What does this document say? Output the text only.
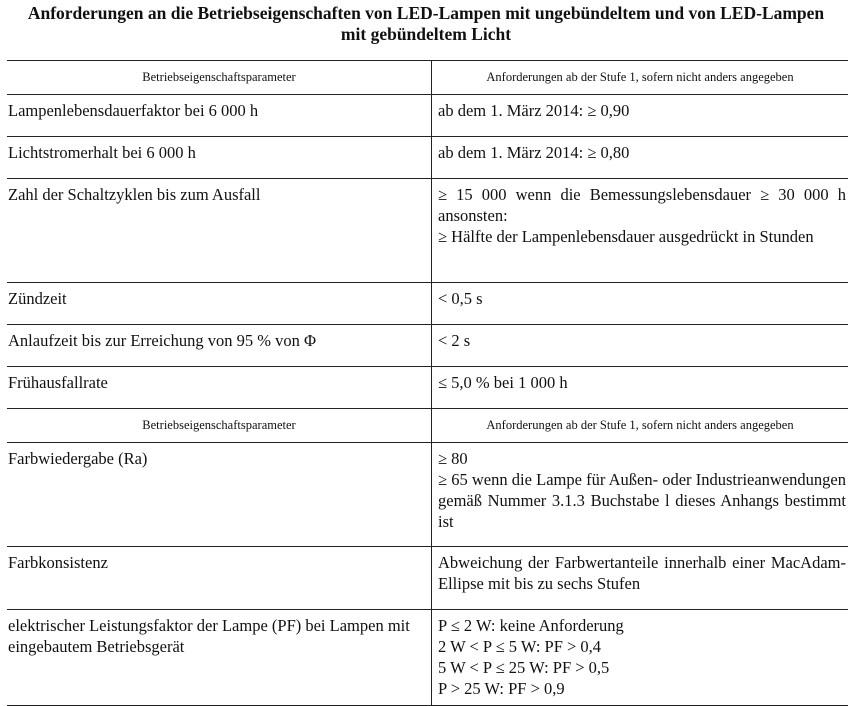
Anforderungen an die Betriebseigenschaften von LED-Lampen mit ungebündeltem und von LED-Lampen
mit gebündeltem Licht
Betriebseigenschaftsparameter	Anforderungen ab der Stufe 1, sofern nicht anders angegeben
Lampenlebensdauerfaktor bei 6 000 h	ab dem 1. März 2014: ≥ 0,90
Lichtstromerhalt bei 6 000 h	ab dem 1. März 2014: ≥ 0,80
Zahl der Schaltzyklen bis zum Ausfall	≥ 15 000 wenn die Bemessungslebensdauer ≥ 30 000 h ansonsten:
≥ Hälfte der Lampenlebensdauer ausgedrückt in Stunden

Zündzeit	< 0,5 s
Anlaufzeit bis zur Erreichung von 95 % von Φ	< 2 s
Frühausfallrate	≤ 5,0 % bei 1 000 h
Betriebseigenschaftsparameter	Anforderungen ab der Stufe 1, sofern nicht anders angegeben
Farbwiedergabe (Ra)	≥ 80
≥ 65 wenn die Lampe für Außen- oder Industrieanwendungen gemäß Nummer 3.1.3 Buchstabe l dieses Anhangs bestimmt ist

Farbkonsistenz	Abweichung der Farbwertanteile innerhalb einer MacAdam-Ellipse mit bis zu sechs Stufen
elektrischer Leistungsfaktor der Lampe (PF) bei Lampen mit eingebautem Betriebsgerät	P ≤ 2 W: keine Anforderung
2 W < P ≤ 5 W: PF > 0,4
5 W < P ≤ 25 W: PF > 0,5
P > 25 W: PF > 0,9
